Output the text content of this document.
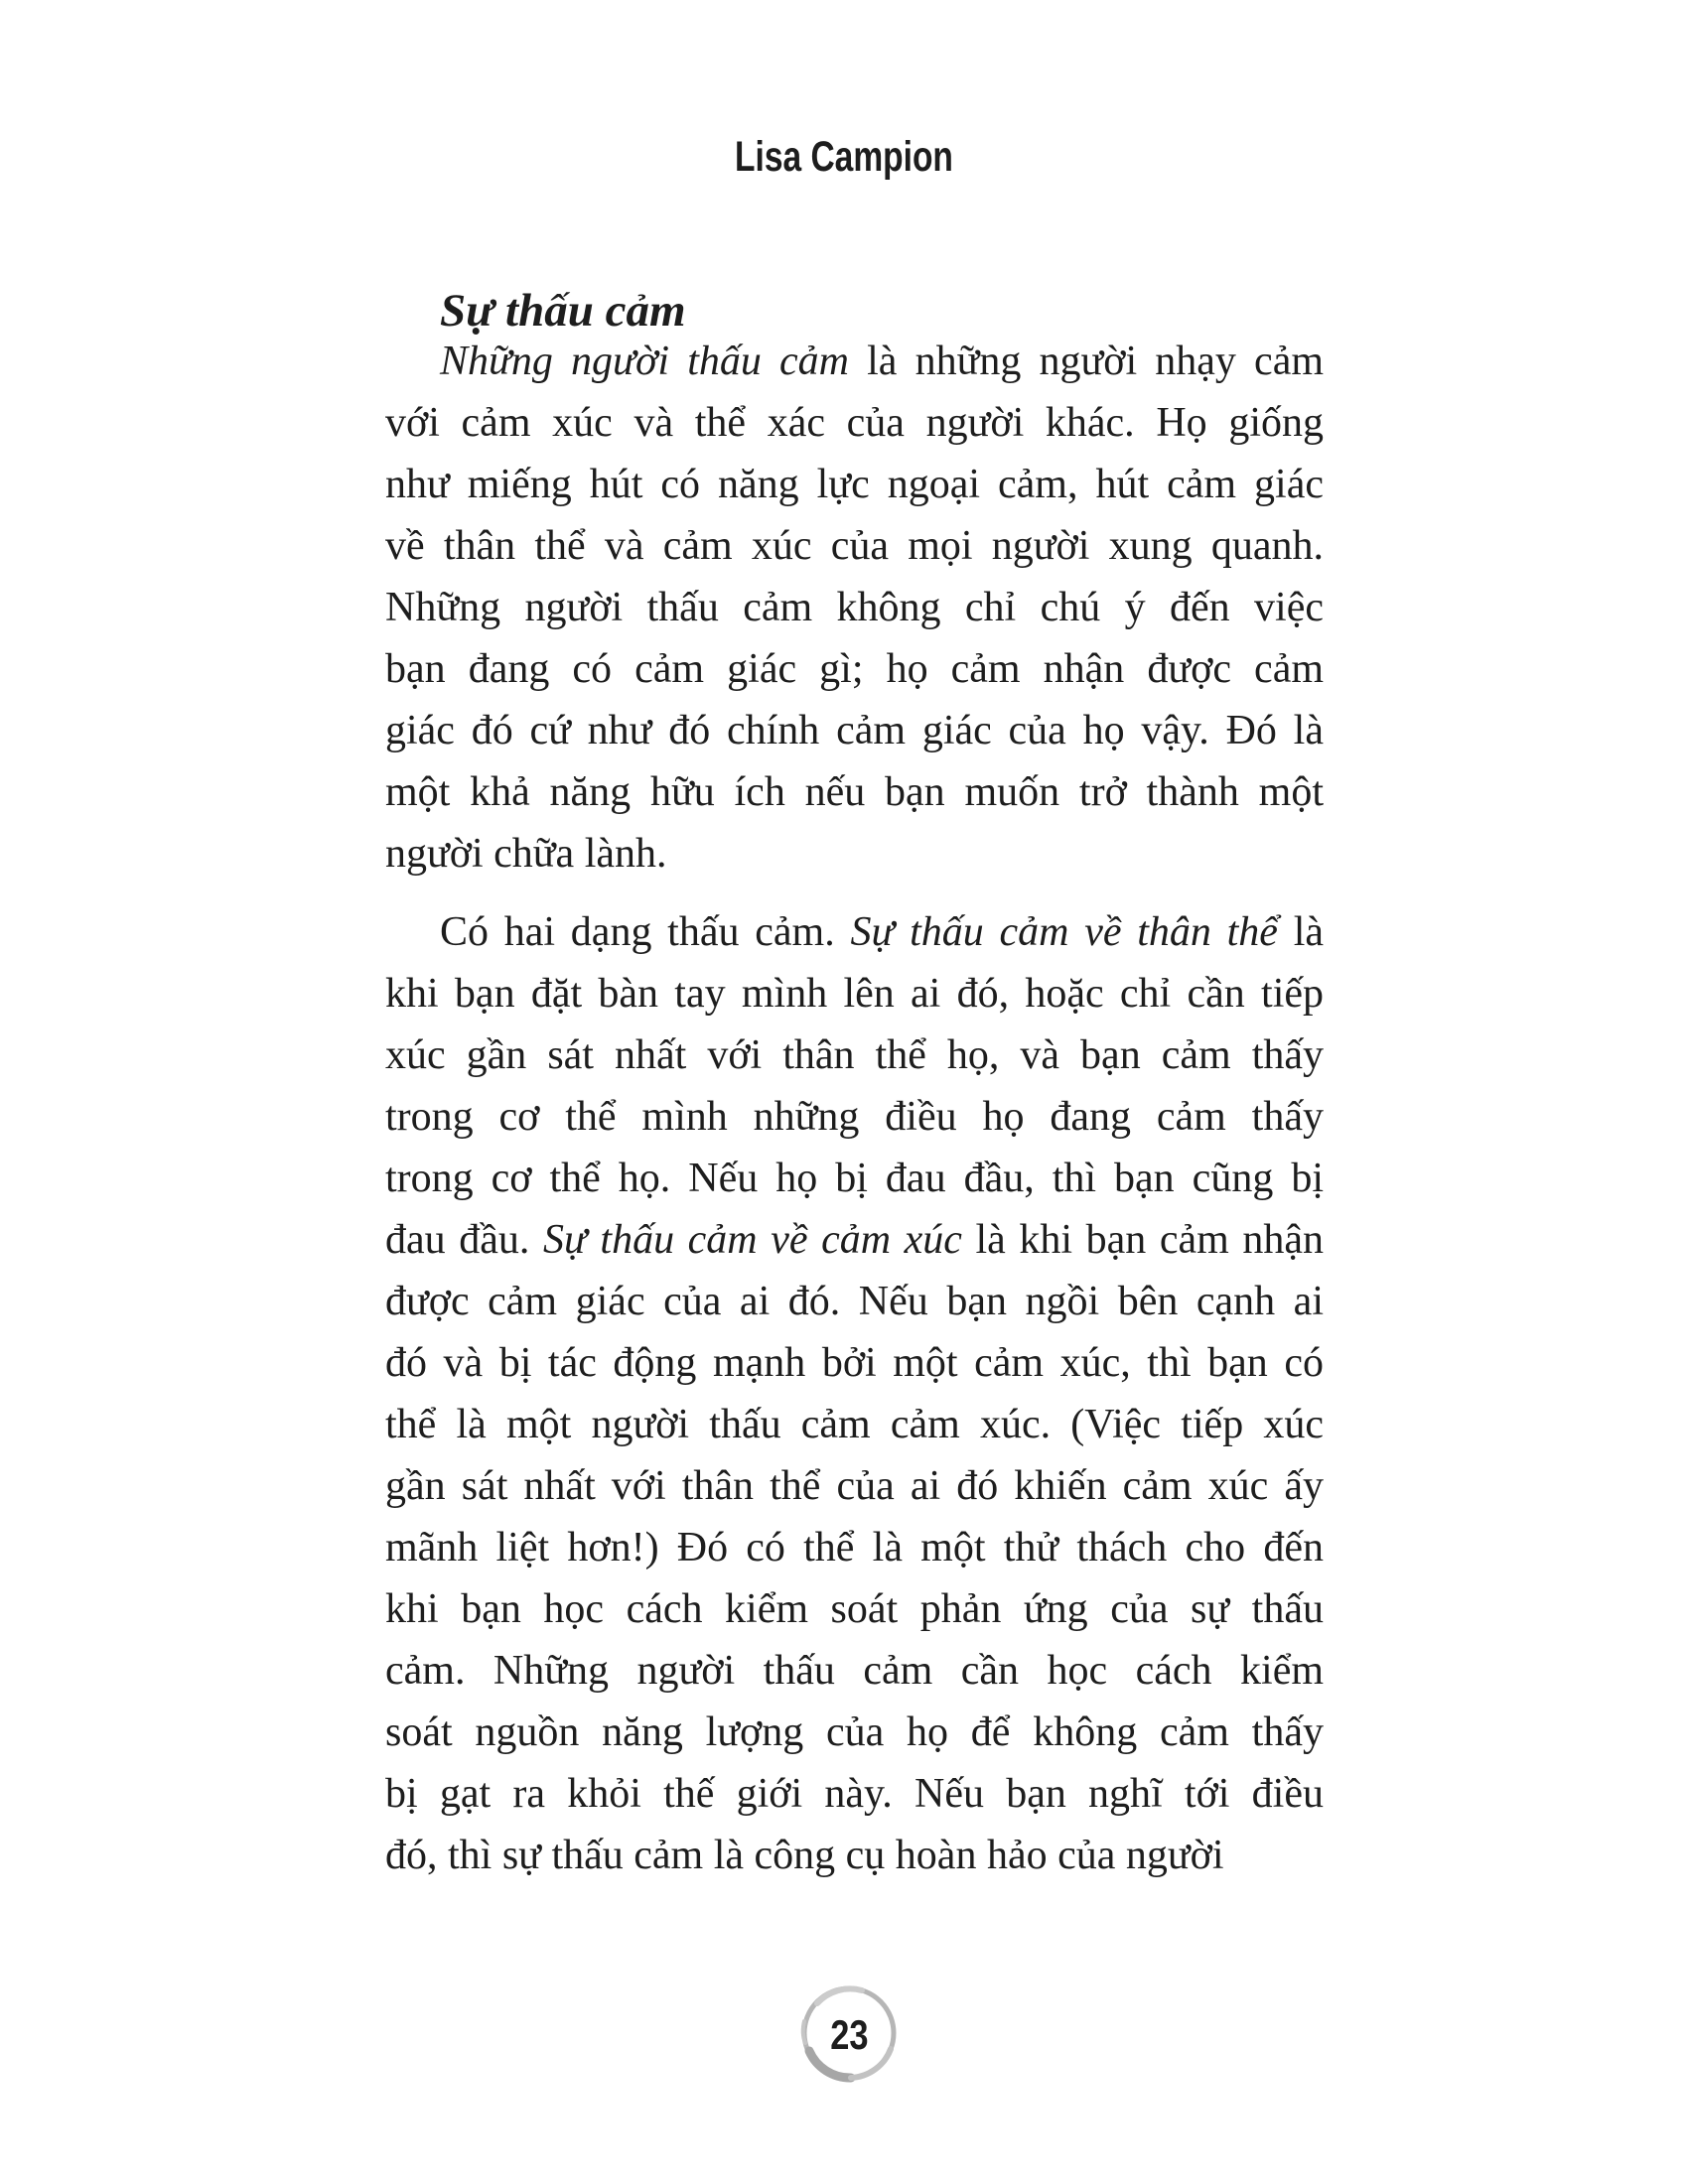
Lisa Campion
Sự thấu cảm
Những người thấu cảm là những người nhạy cảm
với cảm xúc và thể xác của người khác. Họ giống
như miếng hút có năng lực ngoại cảm, hút cảm giác
về thân thể và cảm xúc của mọi người xung quanh.
Những người thấu cảm không chỉ chú ý đến việc
bạn đang có cảm giác gì; họ cảm nhận được cảm
giác đó cứ như đó chính cảm giác của họ vậy. Đó là
một khả năng hữu ích nếu bạn muốn trở thành một
người chữa lành.
Có hai dạng thấu cảm. Sự thấu cảm về thân thể là
khi bạn đặt bàn tay mình lên ai đó, hoặc chỉ cần tiếp
xúc gần sát nhất với thân thể họ, và bạn cảm thấy
trong cơ thể mình những điều họ đang cảm thấy
trong cơ thể họ. Nếu họ bị đau đầu, thì bạn cũng bị
đau đầu. Sự thấu cảm về cảm xúc là khi bạn cảm nhận
được cảm giác của ai đó. Nếu bạn ngồi bên cạnh ai
đó và bị tác động mạnh bởi một cảm xúc, thì bạn có
thể là một người thấu cảm cảm xúc. (Việc tiếp xúc
gần sát nhất với thân thể của ai đó khiến cảm xúc ấy
mãnh liệt hơn!) Đó có thể là một thử thách cho đến
khi bạn học cách kiểm soát phản ứng của sự thấu
cảm. Những người thấu cảm cần học cách kiểm
soát nguồn năng lượng của họ để không cảm thấy
bị gạt ra khỏi thế giới này. Nếu bạn nghĩ tới điều
đó, thì sự thấu cảm là công cụ hoàn hảo của người
23
